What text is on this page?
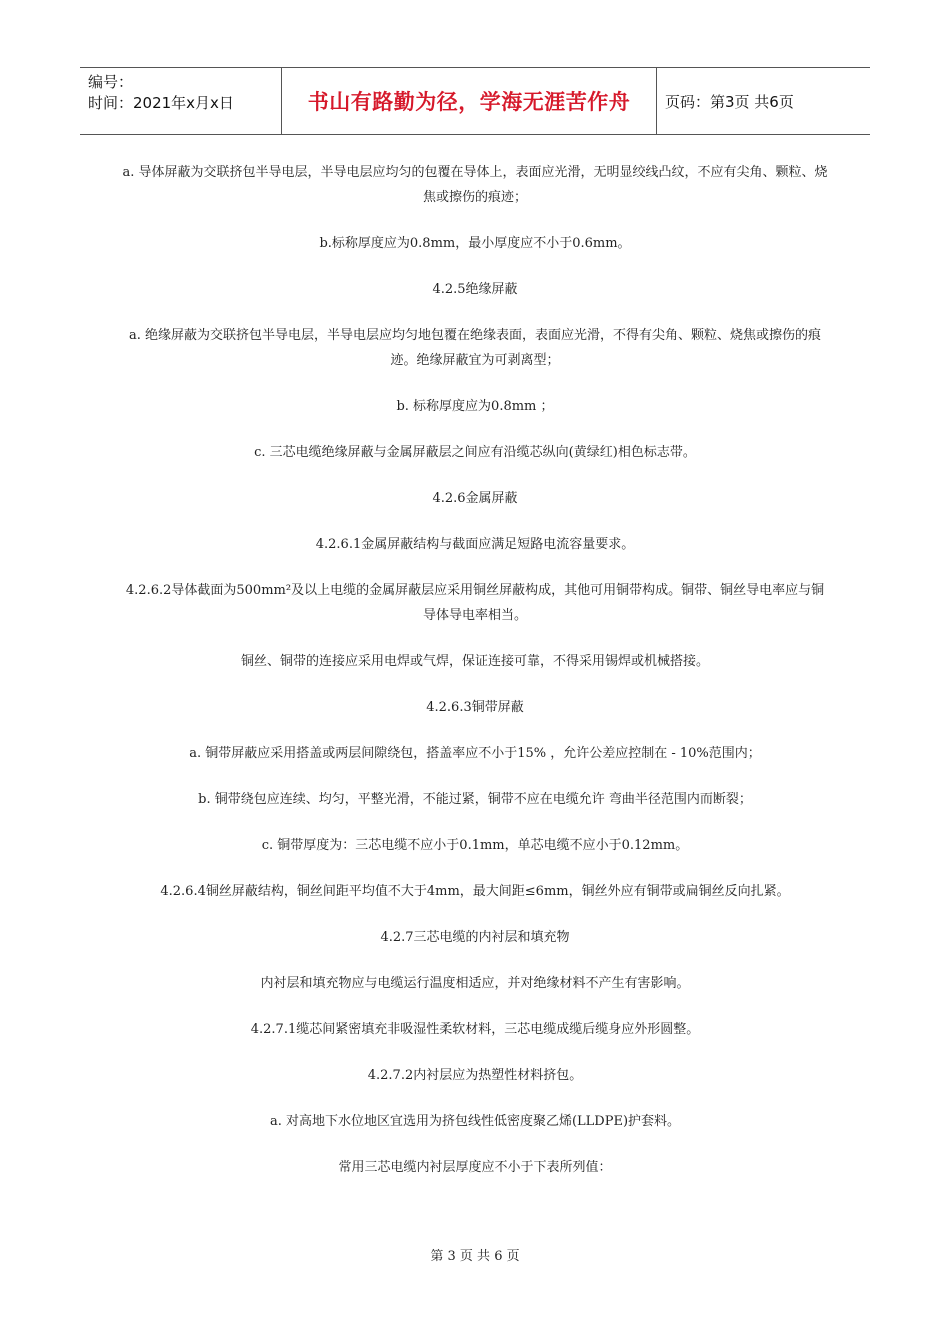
编号：
时间：2021年x月x日	书山有路勤为径，学海无涯苦作舟	页码：第3页 共6页

a. 导体屏蔽为交联挤包半导电层，半导电层应均匀的包覆在导体上，表面应光滑，无明显绞线凸纹，不应有尖角、颗粒、烧焦或擦伤的痕迹；

b.标称厚度应为0.8mm，最小厚度应不小于0.6mm。

4.2.5绝缘屏蔽

a. 绝缘屏蔽为交联挤包半导电层，半导电层应均匀地包覆在绝缘表面，表面应光滑，不得有尖角、颗粒、烧焦或擦伤的痕迹。绝缘屏蔽宜为可剥离型；

b. 标称厚度应为0.8mm ；

c. 三芯电缆绝缘屏蔽与金属屏蔽层之间应有沿缆芯纵向(黄绿红)相色标志带。

4.2.6金属屏蔽

4.2.6.1金属屏蔽结构与截面应满足短路电流容量要求。

4.2.6.2导体截面为500mm²及以上电缆的金属屏蔽层应采用铜丝屏蔽构成，其他可用铜带构成。铜带、铜丝导电率应与铜导体导电率相当。

铜丝、铜带的连接应采用电焊或气焊，保证连接可靠，不得采用锡焊或机械搭接。

4.2.6.3铜带屏蔽

a. 铜带屏蔽应采用搭盖或两层间隙绕包，搭盖率应不小于15% ，允许公差应控制在 - 10%范围内；

b. 铜带绕包应连续、均匀，平整光滑，不能过紧，铜带不应在电缆允许 弯曲半径范围内而断裂；

c. 铜带厚度为：三芯电缆不应小于0.1mm，单芯电缆不应小于0.12mm。

4.2.6.4铜丝屏蔽结构，铜丝间距平均值不大于4mm，最大间距≤6mm，铜丝外应有铜带或扁铜丝反向扎紧。

4.2.7三芯电缆的内衬层和填充物

内衬层和填充物应与电缆运行温度相适应，并对绝缘材料不产生有害影响。

4.2.7.1缆芯间紧密填充非吸湿性柔软材料，三芯电缆成缆后缆身应外形圆整。

4.2.7.2内衬层应为热塑性材料挤包。

a. 对高地下水位地区宜选用为挤包线性低密度聚乙烯(LLDPE)护套料。

常用三芯电缆内衬层厚度应不小于下表所列值：

第 3 页 共 6 页
